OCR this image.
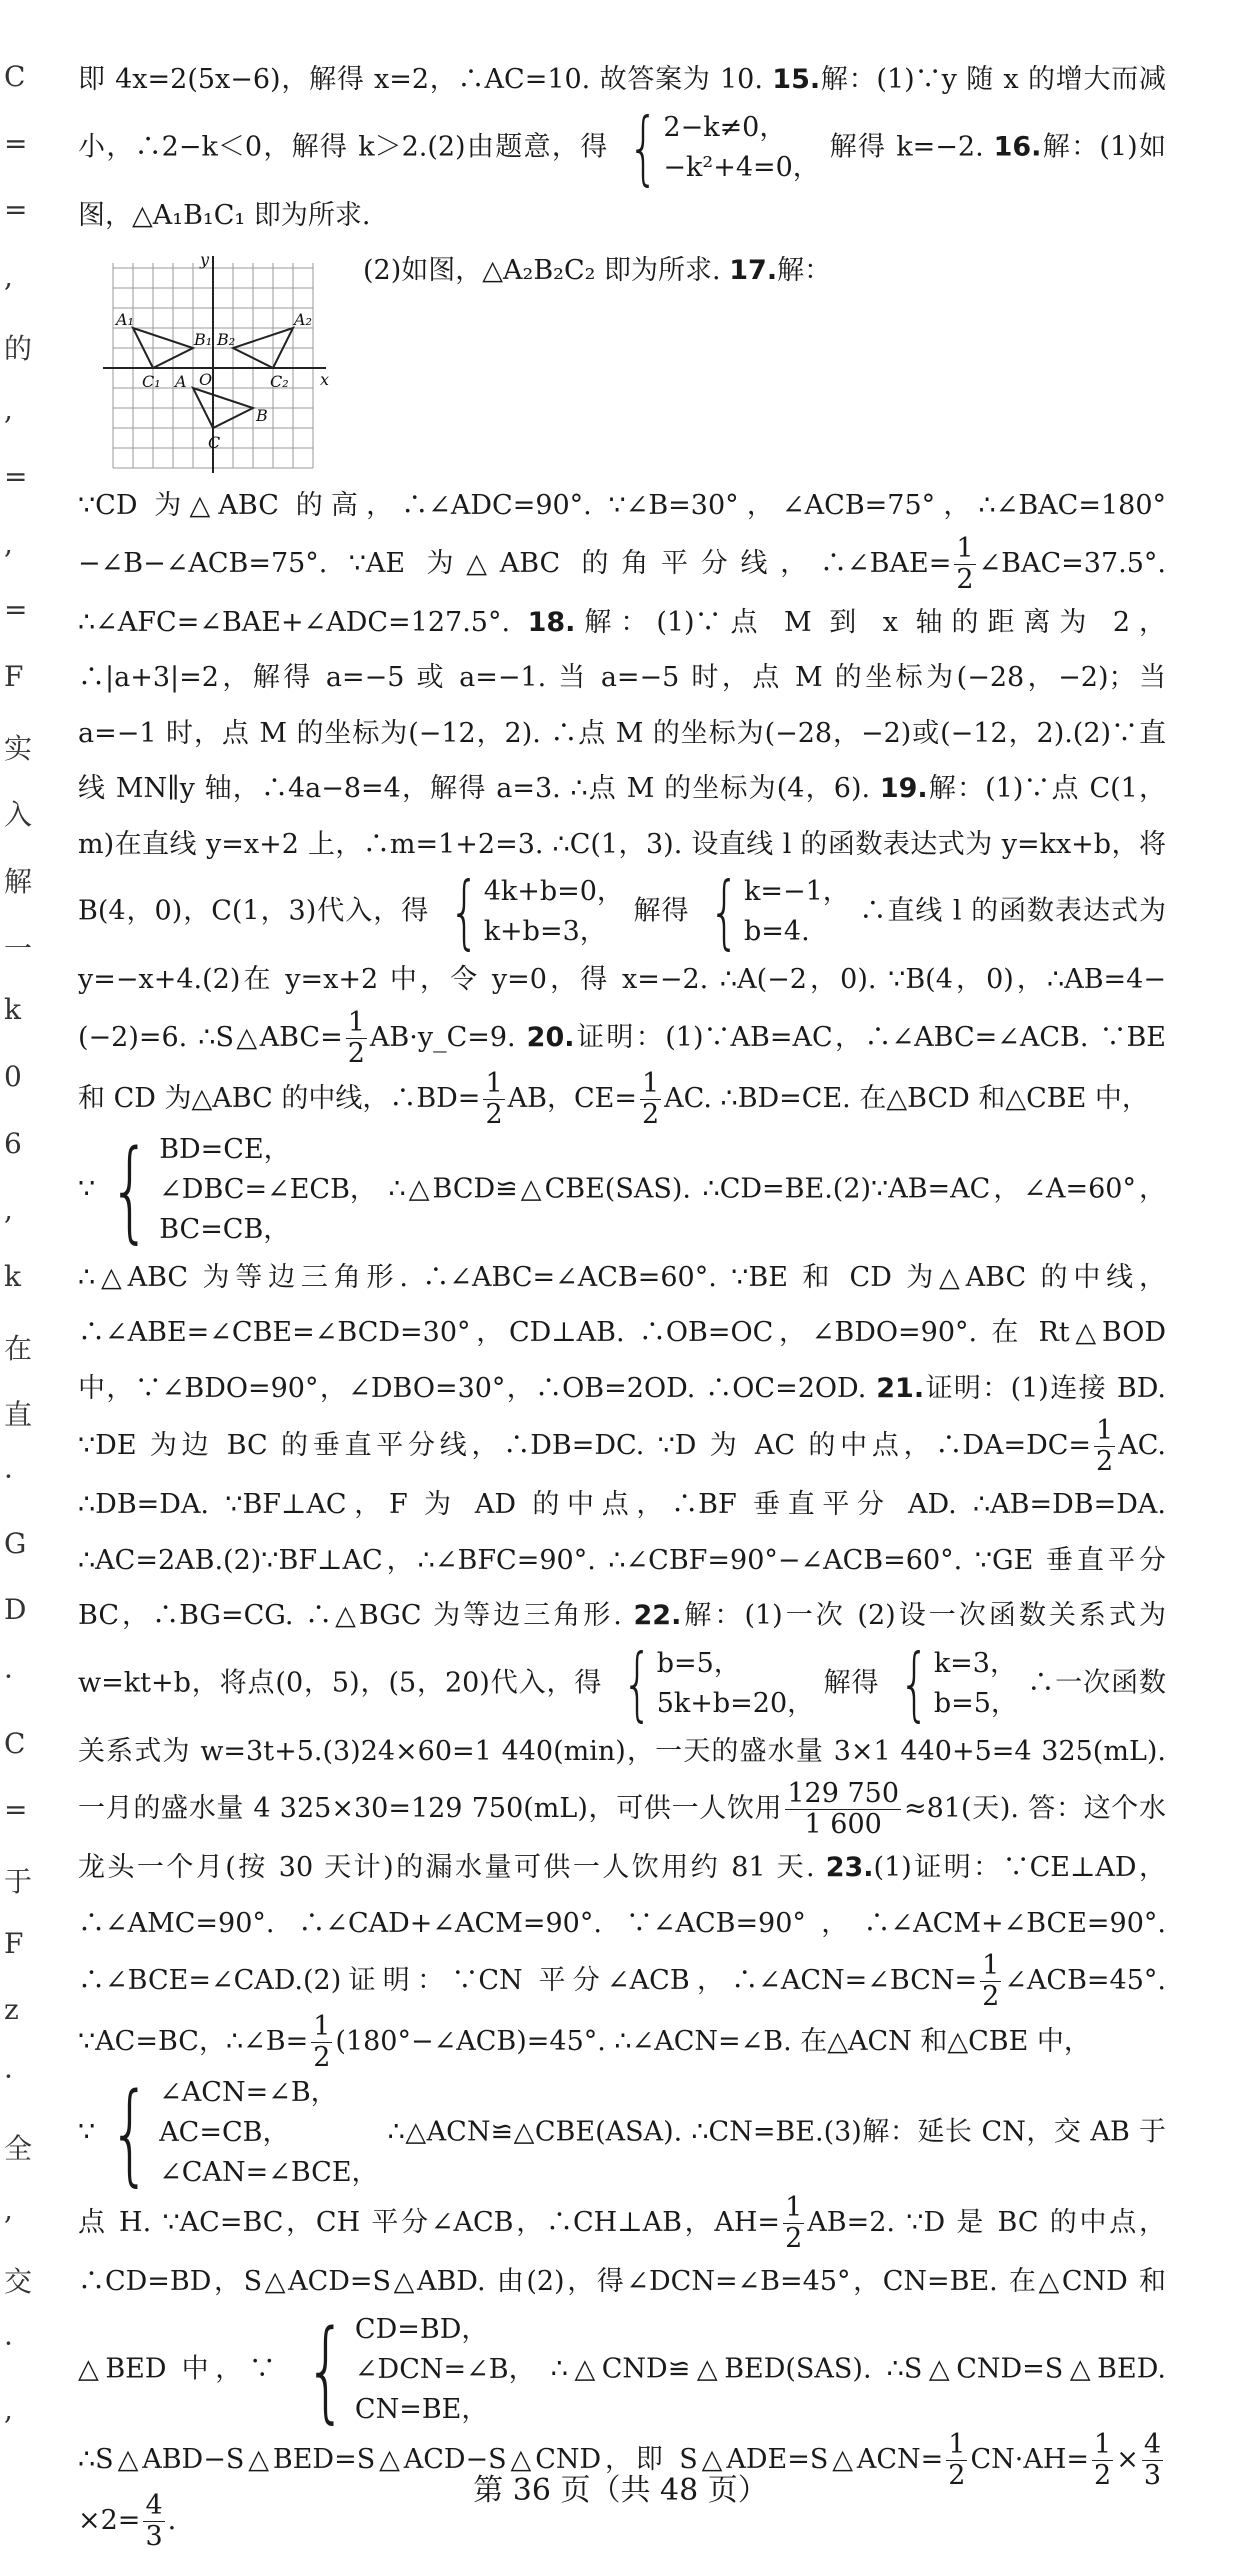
C
=
=
,
的
,
=
,
=
F
实
入
解
一
k
0
6
,
k
在
直
·
G
D
·
C
=
于
F
z
·
全
,
交
·
,

即 4x=2(5x−6)，解得 x=2，∴AC=10. 故答案为 10. 15.解：(1)∵y 随 x 的增大而减小，∴2−k＜0，解得 k＞2.(2)由题意，得 { 2−k≠0，
−k²+4=0，
解得 k=−2. 16.解：(1)如图，△A₁B₁C₁ 即为所求.

y
x
O
A₁
B₁
C₁ A
B₂
A₂
C₂
B
C
(2)如图，△A₂B₂C₂ 即为所求. 17.解：

∵CD 为△ABC 的高，∴∠ADC=90°. ∵∠B=30°，∠ACB=75°，∴∠BAC=180°−∠B−∠ACB=75°. ∵AE 为△ABC 的角平分线，∴∠BAE= $\frac{1}{2}$ ∠BAC=37.5°. ∴∠AFC=∠BAE+∠ADC=127.5°. 18.解：(1)∵点 M 到 x 轴的距离为 2，∴|a+3|=2，解得 a=−5 或 a=−1. 当 a=−5 时，点 M 的坐标为(−28，−2)；当 a=−1 时，点 M 的坐标为(−12，2). ∴点 M 的坐标为(−28，−2)或(−12，2).(2)∵直线 MN∥y 轴，∴4a−8=4，解得 a=3. ∴点 M 的坐标为(4，6). 19.解：(1)∵点 C(1，m)在直线 y=x+2 上，∴m=1+2=3. ∴C(1，3). 设直线 l 的函数表达式为 y=kx+b，将 B(4，0)，C(1，3)代入，得 { 4k+b=0，
k+b=3，
解得 { k=−1，
b=4.
∴直线 l 的函数表达式为 y=−x+4.(2)在 y=x+2 中，令 y=0，得 x=−2. ∴A(−2，0). ∵B(4，0)，∴AB=4−(−2)=6. ∴S△ABC= $\frac{1}{2}$ AB·y_C=9. 20.证明：(1)∵AB=AC，∴∠ABC=∠ACB. ∵BE 和 CD 为△ABC 的中线，∴BD= $\frac{1}{2}$ AB，$CE= \frac{1}{2}$ AC. ∴BD=CE. 在△BCD 和△CBE 中，
∵ { BD=CE，
∠DBC=∠ECB，
BC=CB，
∴△BCD≌△CBE(SAS). ∴CD=BE.(2)∵AB=AC，∠A=60°，∴△ABC 为等边三角形. ∴∠ABC=∠ACB=60°. ∵BE 和 CD 为△ABC 的中线，∴∠ABE=∠CBE=∠BCD=30°，CD⊥AB. ∴OB=OC，∠BDO=90°. 在 Rt△BOD 中，∵∠BDO=90°，∠DBO=30°，∴OB=2OD. ∴OC=2OD. 21.证明：(1)连接 BD. ∵DE 为边 BC 的垂直平分线，∴DB=DC. ∵D 为 AC 的中点，∴DA=DC= $\frac{1}{2}$ AC. ∴DB=DA. ∵BF⊥AC，F 为 AD 的中点，∴BF 垂直平分 AD. ∴AB=DB=DA. ∴AC=2AB.(2)∵BF⊥AC，∴∠BFC=90°. ∴∠CBF=90°−∠ACB=60°. ∵GE 垂直平分 BC，∴BG=CG. ∴△BGC 为等边三角形. 22.解：(1)一次 (2)设一次函数关系式为 w=kt+b，将点(0，5)，(5，20)代入，得 { b=5，
5k+b=20，
解得 { k=3，
b=5，
∴一次函数关系式为 w=3t+5.(3)24×60=1 440(min)，一天的盛水量 3×1 440+5=4 325(mL). 一月的盛水量 4 325×30=129 750(mL)，可供一人饮用 $\frac{129 750}{1 600} \approx 81$(天). 答：这个水龙头一个月(按 30 天计)的漏水量可供一人饮用约 81 天. 23.(1)证明：∵CE⊥AD，∴∠AMC=90°. ∴∠CAD+∠ACM=90°. ∵∠ACB=90°，∴∠ACM+∠BCE=90°. ∴∠BCE=∠CAD.(2)证明：∵CN 平分∠ACB，∴∠ACN=∠BCN= $\frac{1}{2}$ ∠ACB=45°. ∵AC=BC，∴∠B= $\frac{1}{2}$ (180°−∠ACB)=45°. ∴∠ACN=∠B. 在△ACN 和△CBE 中，
∵ { ∠ACN=∠B，
AC=CB，
∠CAN=∠BCE，
∴△ACN≌△CBE(ASA). ∴CN=BE.(3)解：延长 CN，交 AB 于点 H. ∵AC=BC，CH 平分∠ACB，∴CH⊥AB，$AH= \frac{1}{2} AB=2$. ∵D 是 BC 的中点，∴CD=BD，S△ACD=S△ABD. 由(2)，得∠DCN=∠B=45°，CN=BE. 在△CND 和△BED 中，∵ { CD=BD，
∠DCN=∠B，
CN=BE，
∴△CND≌△BED(SAS). ∴S△CND=S△BED. ∴S△ABD−S△BED=S△ACD−S△CND，即 S△ADE=S△ACN= $\frac{1}{2} CN\cdot AH= \frac{1}{2} \times \frac{4}{3}$
$\times 2= \frac{4}{3}$ .

第 36 页（共 48 页）
